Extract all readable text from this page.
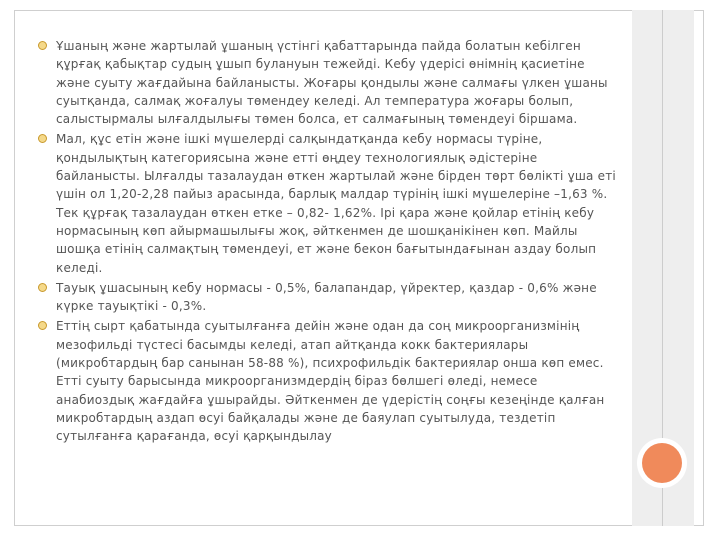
Ұшаның және жартылай ұшаның үстінгі қабаттарында пайда болатын кебілген құрғақ қабықтар судың ұшып булануын тежейді. Кебу үдерісі өнімнің қасиетіне және суыту жағдайына байланысты. Жоғары қондылы және салмағы үлкен ұшаны суытқанда, салмақ жоғалуы төмендеу келеді. Ал температура жоғары болып, салыстырмалы ылғалдылығы төмен болса, ет салмағының төмендеуі біршама.
Мал, құс етін және ішкі мүшелерді салқындатқанда кебу нормасы түріне, қондылықтың категориясына және етті өңдеу технологиялық әдістеріне байланысты. Ылғалды тазалаудан өткен жартылай және бірден төрт бөлікті ұша еті үшін ол 1,20-2,28 пайыз арасында, барлық малдар түрінің ішкі мүшелеріне –1,63 %. Тек құрғақ тазалаудан өткен етке – 0,82- 1,62%. Ірі қара және қойлар етінің кебу нормасының көп айырмашылығы жоқ, әйткенмен де шошқанікінен көп. Майлы шошқа етінің салмақтың төмендеуі, ет және бекон бағытындағынан аздау болып келеді.
Тауық ұшасының кебу нормасы - 0,5%, балапандар, үйректер, қаздар - 0,6% және күрке тауықтікі - 0,3%.
Еттің сырт қабатында суытылғанға дейін және одан да соң микроорганизмінің мезофильді түстесі басымды келеді, атап айтқанда кокк бактериялары (микробтардың бар санынан 58-88 %), психрофильдік бактериялар онша көп емес. Етті суыту барысында микроорганизмдердің біраз бөлшегі өледі, немесе анабиоздық жағдайға ұшырайды. Әйткенмен де үдерістің соңғы кезеңінде қалған микробтардың аздап өсуі байқалады және де баяулап суытылуда, тездетіп сутылғанға қарағанда, өсуі қарқындылау
